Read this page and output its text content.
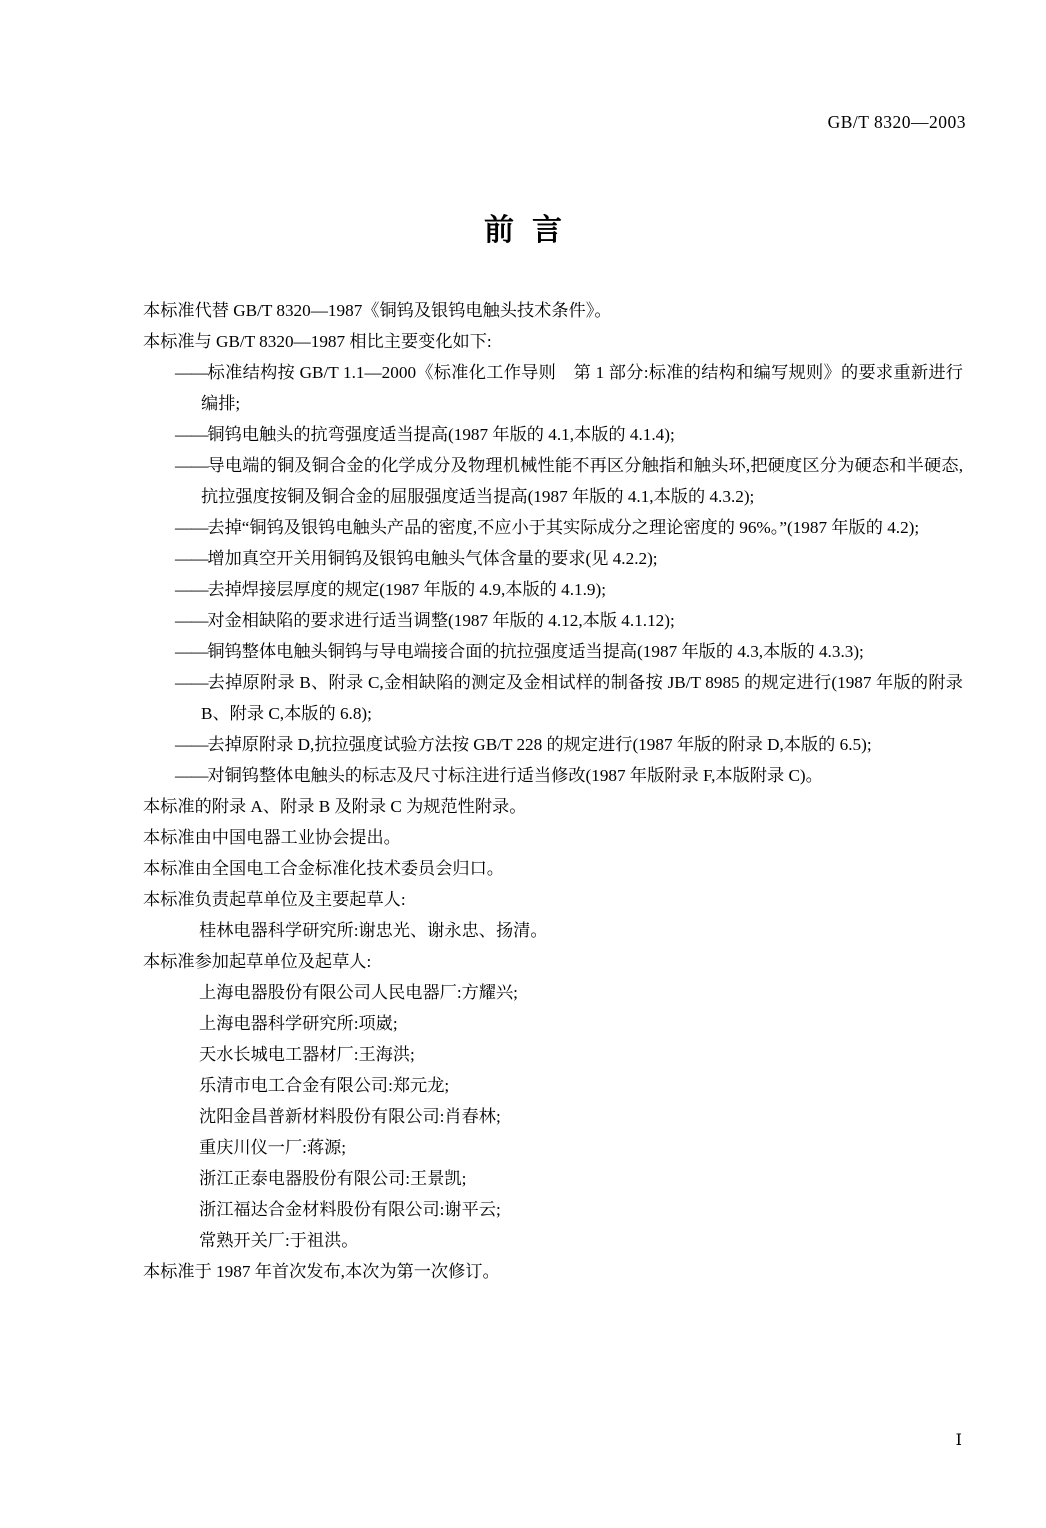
GB/T 8320—2003
前言

本标准代替 GB/T 8320—1987《铜钨及银钨电触头技术条件》。

本标准与 GB/T 8320—1987 相比主要变化如下:

——标准结构按 GB/T 1.1—2000《标准化工作导则　第 1 部分:标准的结构和编写规则》的要求重新进行编排;

——铜钨电触头的抗弯强度适当提高(1987 年版的 4.1,本版的 4.1.4);

——导电端的铜及铜合金的化学成分及物理机械性能不再区分触指和触头环,把硬度区分为硬态和半硬态,抗拉强度按铜及铜合金的屈服强度适当提高(1987 年版的 4.1,本版的 4.3.2);

——去掉“铜钨及银钨电触头产品的密度,不应小于其实际成分之理论密度的 96%。”(1987 年版的 4.2);

——增加真空开关用铜钨及银钨电触头气体含量的要求(见 4.2.2);

——去掉焊接层厚度的规定(1987 年版的 4.9,本版的 4.1.9);

——对金相缺陷的要求进行适当调整(1987 年版的 4.12,本版 4.1.12);

——铜钨整体电触头铜钨与导电端接合面的抗拉强度适当提高(1987 年版的 4.3,本版的 4.3.3);

——去掉原附录 B、附录 C,金相缺陷的测定及金相试样的制备按 JB/T 8985 的规定进行(1987 年版的附录 B、附录 C,本版的 6.8);

——去掉原附录 D,抗拉强度试验方法按 GB/T 228 的规定进行(1987 年版的附录 D,本版的 6.5);

——对铜钨整体电触头的标志及尺寸标注进行适当修改(1987 年版附录 F,本版附录 C)。

本标准的附录 A、附录 B 及附录 C 为规范性附录。

本标准由中国电器工业协会提出。

本标准由全国电工合金标准化技术委员会归口。

本标准负责起草单位及主要起草人:

桂林电器科学研究所:谢忠光、谢永忠、扬清。

本标准参加起草单位及起草人:

上海电器股份有限公司人民电器厂:方耀兴;

上海电器科学研究所:项崴;

天水长城电工器材厂:王海洪;

乐清市电工合金有限公司:郑元龙;

沈阳金昌普新材料股份有限公司:肖春林;

重庆川仪一厂:蒋源;

浙江正泰电器股份有限公司:王景凯;

浙江福达合金材料股份有限公司:谢平云;

常熟开关厂:于祖洪。

本标准于 1987 年首次发布,本次为第一次修订。

Ⅰ
